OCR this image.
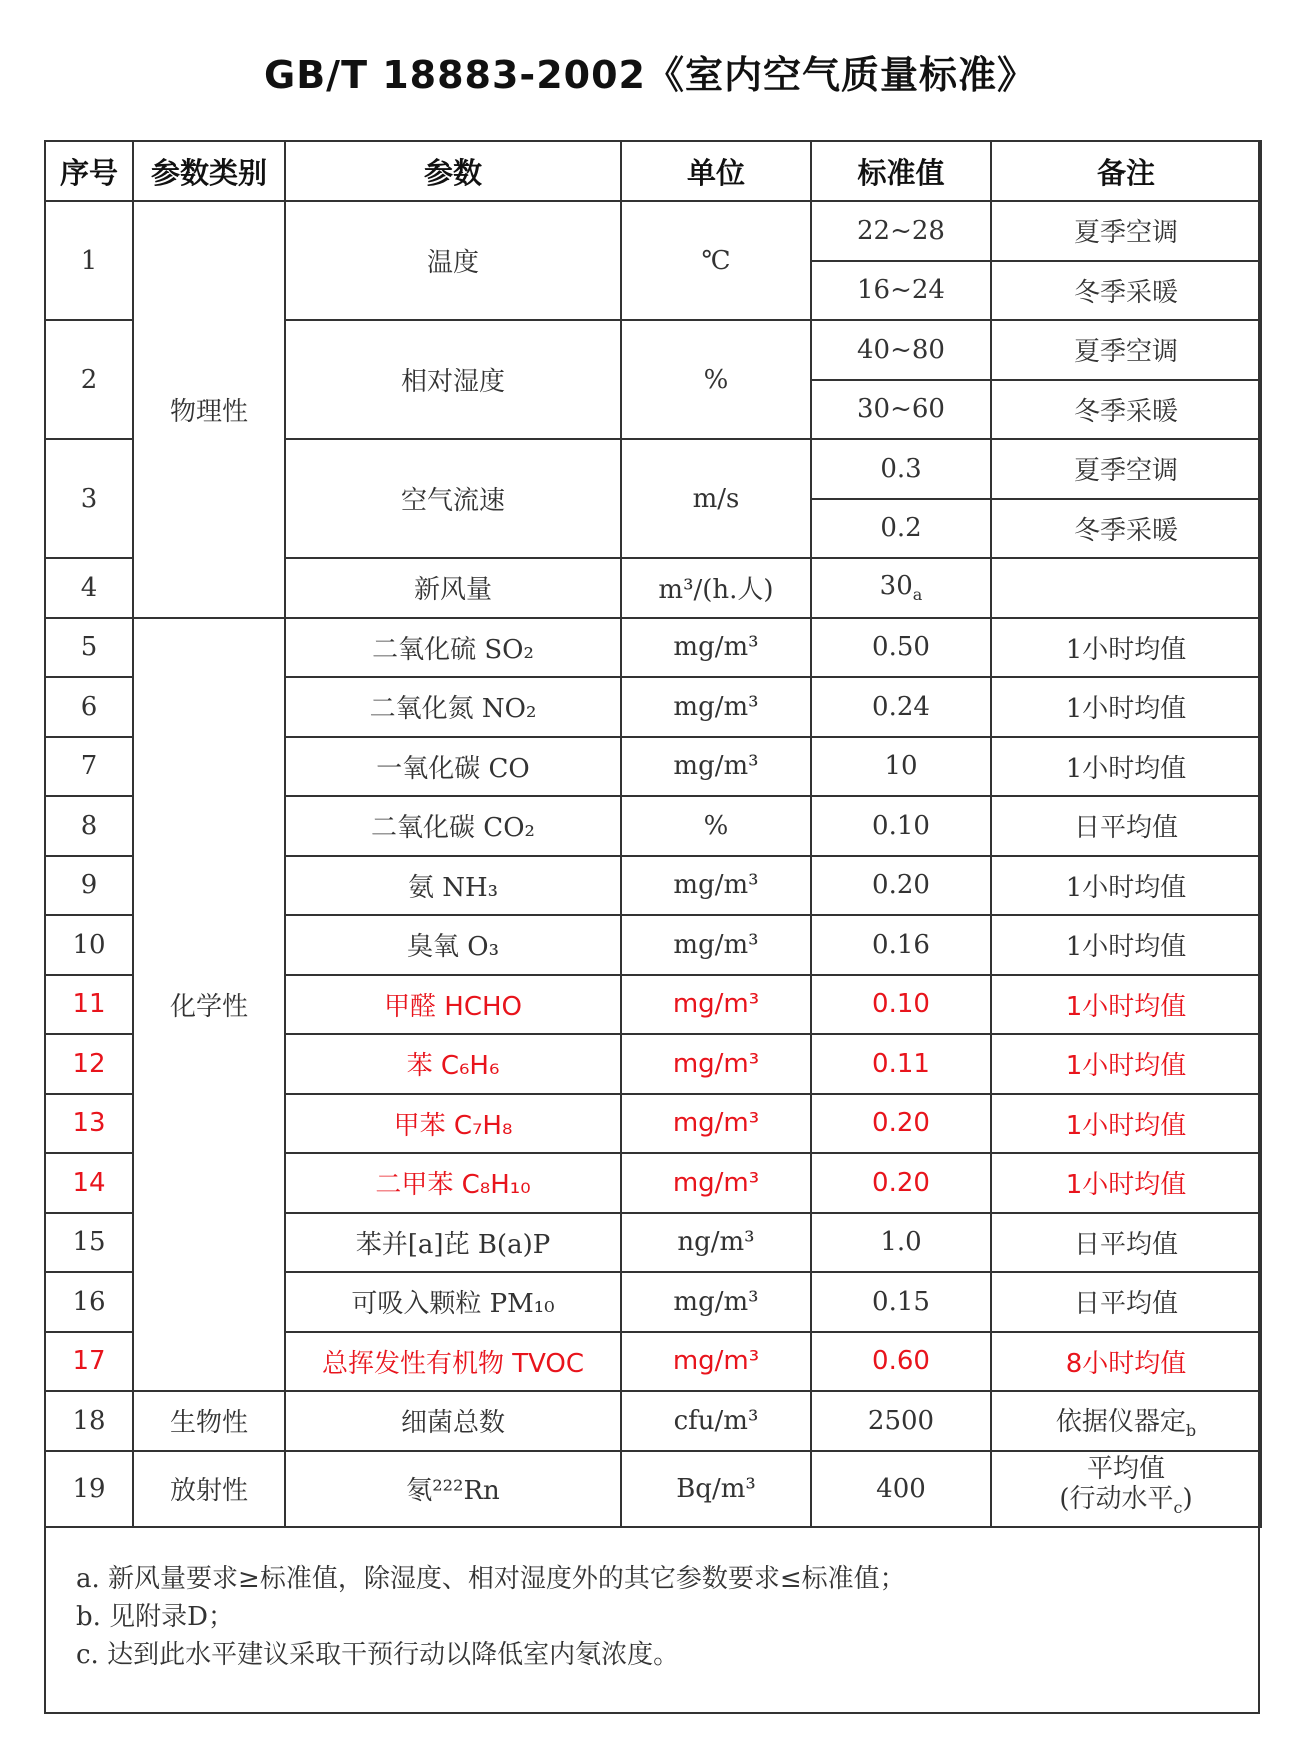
GB/T 18883-2002《室内空气质量标准》
序号	参数类别	参数	单位	标准值	备注
1	物理性	温度	℃	22~28	夏季空调
				16~24	冬季采暖
2		相对湿度	%	40~80	夏季空调
				30~60	冬季采暖
3		空气流速	m/s	0.3	夏季空调
				0.2	冬季采暖
4		新风量	m³/(h.人)	$30_a$	
5	化学性	二氧化硫 SO₂	mg/m³	0.50	1小时均值
6		二氧化氮 NO₂	mg/m³	0.24	1小时均值
7		一氧化碳 CO	mg/m³	10	1小时均值
8		二氧化碳 CO₂	%	0.10	日平均值
9		氨 NH₃	mg/m³	0.20	1小时均值
10		臭氧 O₃	mg/m³	0.16	1小时均值
11		甲醛 HCHO	mg/m³	0.10	1小时均值
12		苯 C₆H₆	mg/m³	0.11	1小时均值
13		甲苯 C₇H₈	mg/m³	0.20	1小时均值
14		二甲苯 C₈H₁₀	mg/m³	0.20	1小时均值
15		苯并[a]芘 B(a)P	ng/m³	1.0	日平均值
16		可吸入颗粒 PM₁₀	mg/m³	0.15	日平均值
17		总挥发性有机物 TVOC	mg/m³	0.60	8小时均值
18	生物性	细菌总数	cfu/m³	2500	依据仪器定$_b$
19	放射性	氡²²²Rn	Bq/m³	400	平均值
(行动水平$_c$)
a. 新风量要求≥标准值，除湿度、相对湿度外的其它参数要求≤标准值；
b. 见附录D；
c. 达到此水平建议采取干预行动以降低室内氡浓度。
